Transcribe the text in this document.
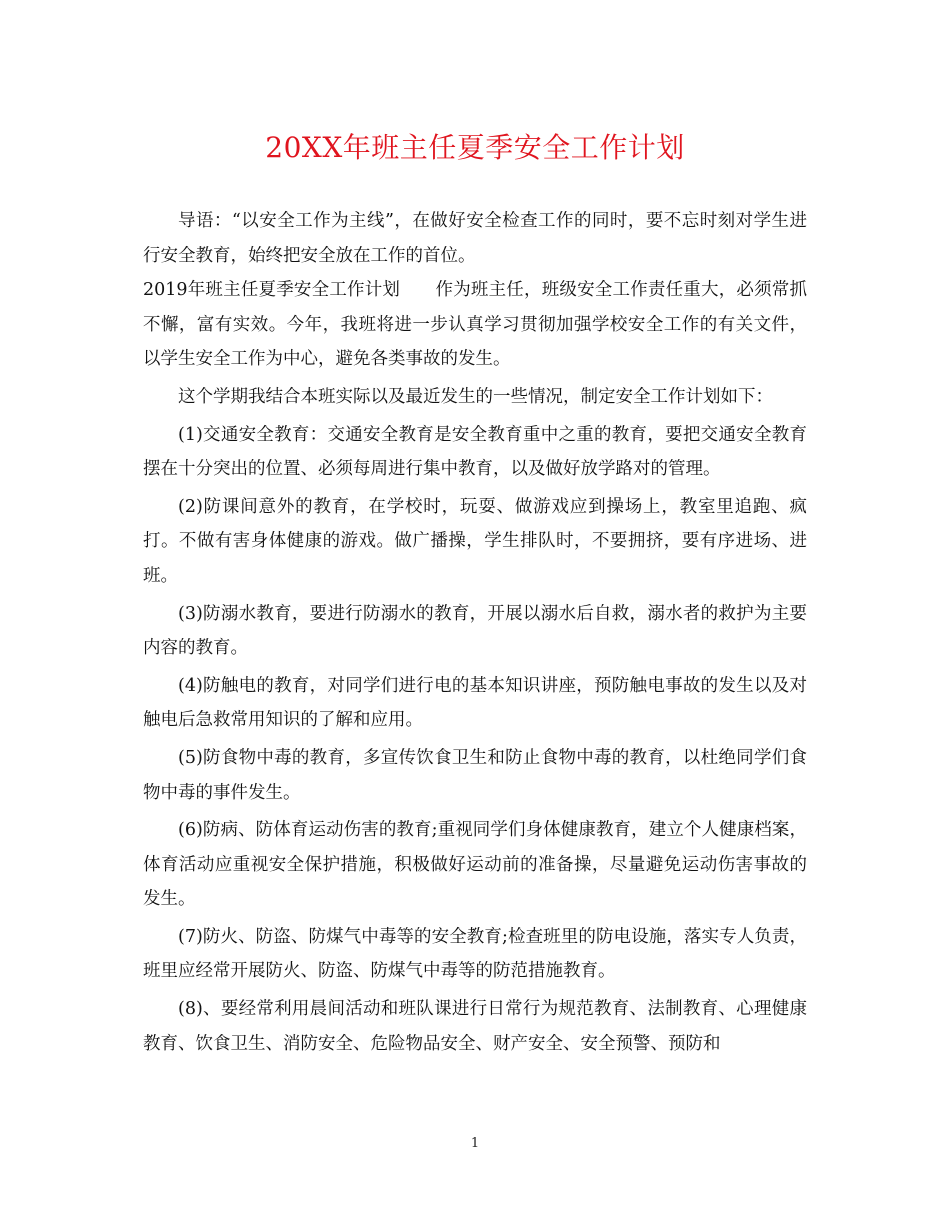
20XX年班主任夏季安全工作计划

导语：“以安全工作为主线”，在做好安全检查工作的同时，要不忘时刻对学生进行安全教育，始终把安全放在工作的首位。

2019年班主任夏季安全工作计划　　作为班主任，班级安全工作责任重大，必须常抓不懈，富有实效。今年，我班将进一步认真学习贯彻加强学校安全工作的有关文件，以学生安全工作为中心，避免各类事故的发生。

这个学期我结合本班实际以及最近发生的一些情况，制定安全工作计划如下：

(1)交通安全教育：交通安全教育是安全教育重中之重的教育，要把交通安全教育摆在十分突出的位置、必须每周进行集中教育，以及做好放学路对的管理。

(2)防课间意外的教育，在学校时，玩耍、做游戏应到操场上，教室里追跑、疯打。不做有害身体健康的游戏。做广播操，学生排队时，不要拥挤，要有序进场、进班。

(3)防溺水教育，要进行防溺水的教育，开展以溺水后自救，溺水者的救护为主要内容的教育。

(4)防触电的教育，对同学们进行电的基本知识讲座，预防触电事故的发生以及对触电后急救常用知识的了解和应用。

(5)防食物中毒的教育，多宣传饮食卫生和防止食物中毒的教育，以杜绝同学们食物中毒的事件发生。

(6)防病、防体育运动伤害的教育;重视同学们身体健康教育，建立个人健康档案，体育活动应重视安全保护措施，积极做好运动前的准备操，尽量避免运动伤害事故的发生。

(7)防火、防盗、防煤气中毒等的安全教育;检查班里的防电设施，落实专人负责，班里应经常开展防火、防盗、防煤气中毒等的防范措施教育。

(8)、要经常利用晨间活动和班队课进行日常行为规范教育、法制教育、心理健康教育、饮食卫生、消防安全、危险物品安全、财产安全、安全预警、预防和

1
